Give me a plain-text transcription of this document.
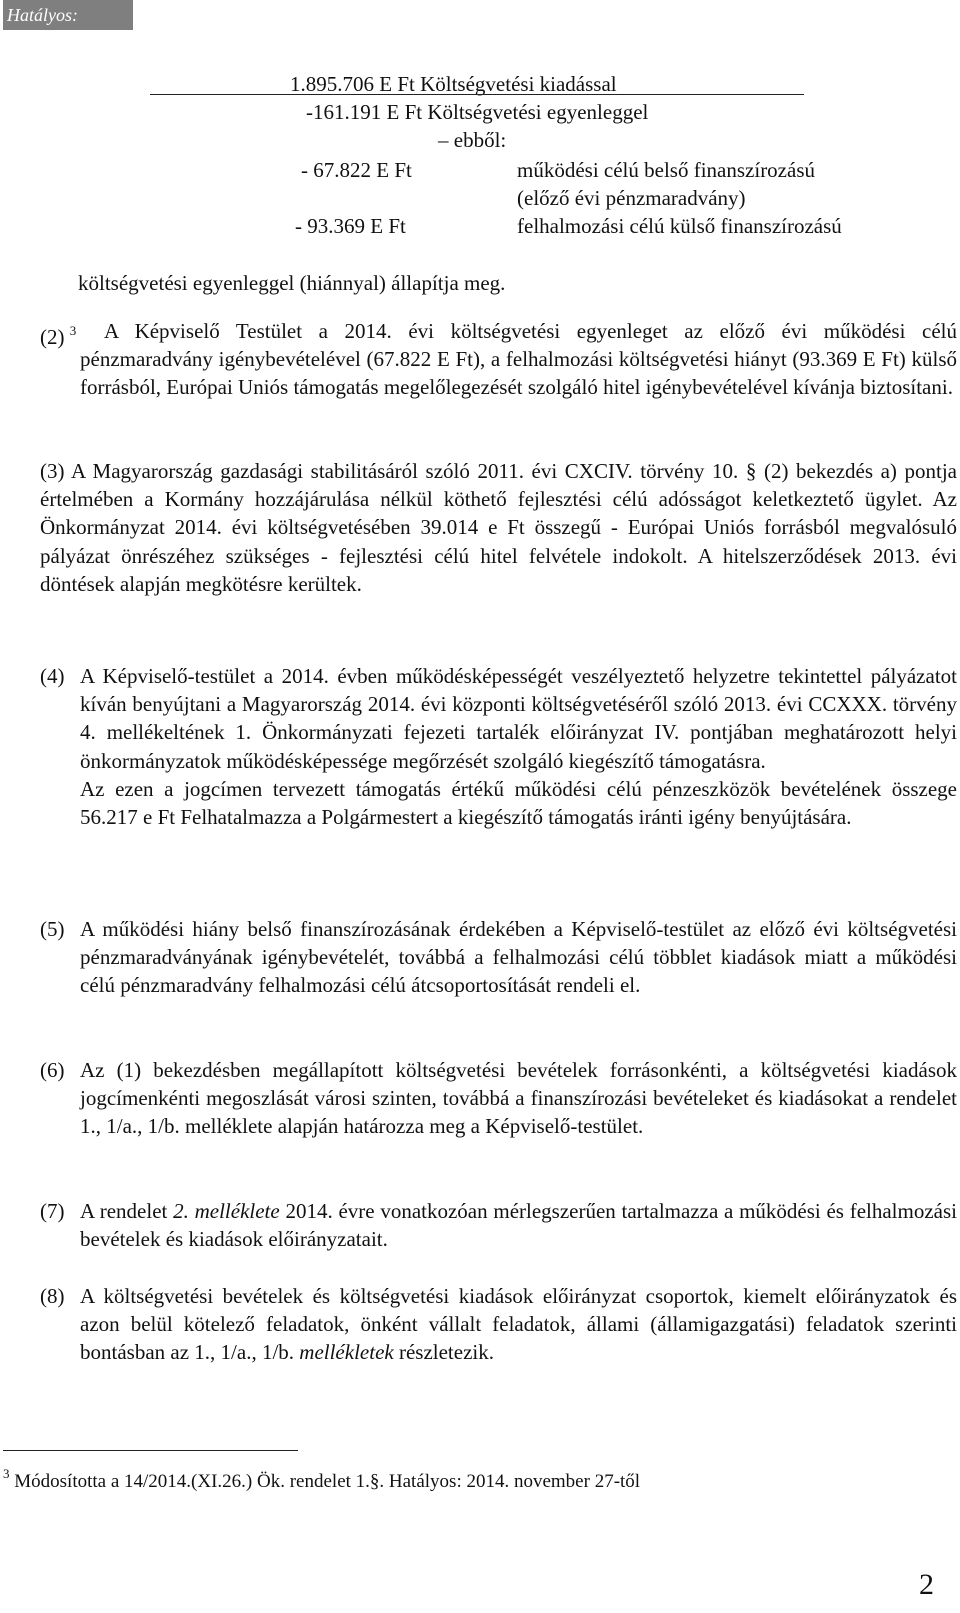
Hatályos: 2014.11.27.-
1.895.706 E Ft Költségvetési kiadással
-161.191 E Ft Költségvetési egyenleggel
– ebből:
- 67.822 E Ft	működési célú belső finanszírozású
(előző évi pénzmaradvány)
- 93.369 E Ft	felhalmozási célú külső finanszírozású
költségvetési egyenleggel (hiánnyal) állapítja meg.
(2) $^3$	A Képviselő Testület a 2014. évi költségvetési egyenleget az előző évi működési célú pénzmaradvány igénybevételével (67.822 E Ft), a felhalmozási költségvetési hiányt (93.369 E Ft) külső forrásból, Európai Uniós támogatás megelőlegezését szolgáló hitel igénybevételével kívánja biztosítani.

(3) A Magyarország gazdasági stabilitásáról szóló 2011. évi CXCIV. törvény 10. § (2) bekezdés a) pontja értelmében a Kormány hozzájárulása nélkül köthető fejlesztési célú adósságot keletkeztető ügylet. Az Önkormányzat 2014. évi költségvetésében 39.014 e Ft összegű - Európai Uniós forrásból megvalósuló pályázat önrészéhez szükséges - fejlesztési célú hitel felvétele indokolt. A hitelszerződések 2013. évi döntések alapján megkötésre kerültek.
(4) A Képviselő-testület a 2014. évben működésképességét veszélyeztető helyzetre tekintettel pályázatot kíván benyújtani a Magyarország 2014. évi központi költségvetéséről szóló 2013. évi CCXXX. törvény 4. mellékeltének 1. Önkormányzati fejezeti tartalék előirányzat IV. pontjában meghatározott helyi önkormányzatok működésképessége megőrzését szolgáló kiegészítő támogatásra.

Az ezen a jogcímen tervezett támogatás értékű működési célú pénzeszközök bevételének összege 56.217 e Ft Felhatalmazza a Polgármestert a kiegészítő támogatás iránti igény benyújtására.

(5) A működési hiány belső finanszírozásának érdekében a Képviselő-testület az előző évi költségvetési pénzmaradványának igénybevételét, továbbá a felhalmozási célú többlet kiadások miatt a működési célú pénzmaradvány felhalmozási célú átcsoportosítását rendeli el.

(6) Az (1) bekezdésben megállapított költségvetési bevételek forrásonkénti, a költségvetési kiadások jogcímenkénti megoszlását városi szinten, továbbá a finanszírozási bevételeket és kiadásokat a rendelet 1., 1/a., 1/b. melléklete alapján határozza meg a Képviselő-testület.

(7) A rendelet 2. melléklete 2014. évre vonatkozóan mérlegszerűen tartalmazza a működési és felhalmozási bevételek és kiadások előirányzatait.

(8) A költségvetési bevételek és költségvetési kiadások előirányzat csoportok, kiemelt előirányzatok és azon belül kötelező feladatok, önként vállalt feladatok, állami (államigazgatási) feladatok szerinti bontásban az 1., 1/a., 1/b. mellékletek részletezik.

$^3$ Módosította a 14/2014.(XI.26.) Ök. rendelet 1.§. Hatályos: 2014. november 27-től
2
